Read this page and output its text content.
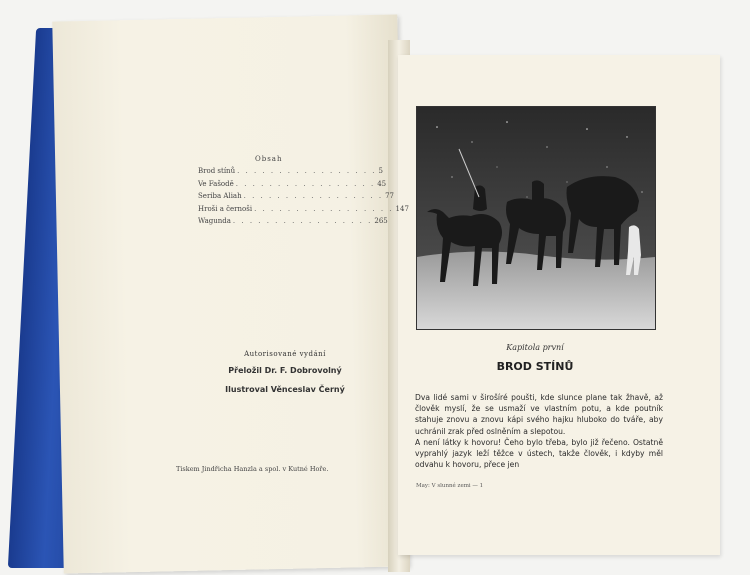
Obsah
Brod stínů . . . . . . . . . . . . . . . . . 5
Ve Fašodě . . . . . . . . . . . . . . . . . 45
Seriba Aliah . . . . . . . . . . . . . . . . . 77
Hroši a černoši . . . . . . . . . . . . . . . . . 147
Wagunda . . . . . . . . . . . . . . . . . 265
Autorisované vydání
Přeložil Dr. F. Dobrovolný
Ilustroval Věnceslav Černý
Tiskem Jindřicha Hanzla a spol. v Kutné Hoře.
Kapitola první
BROD STÍNŮ

Dva lidé sami v širošíré poušti, kde slunce plane tak žhavě, až člověk myslí, že se usmaží ve vlastním potu, a kde poutník stahuje znovu a znovu kápi svého hajku hluboko do tváře, aby uchránil zrak před oslněním a slepotou.

A není látky k hovoru! Čeho bylo třeba, bylo již řečeno. Ostatně vyprahlý jazyk leží těžce v ústech, takže člověk, i kdyby měl odvahu k hovoru, přece jen

May: V slunné zemi — 1
